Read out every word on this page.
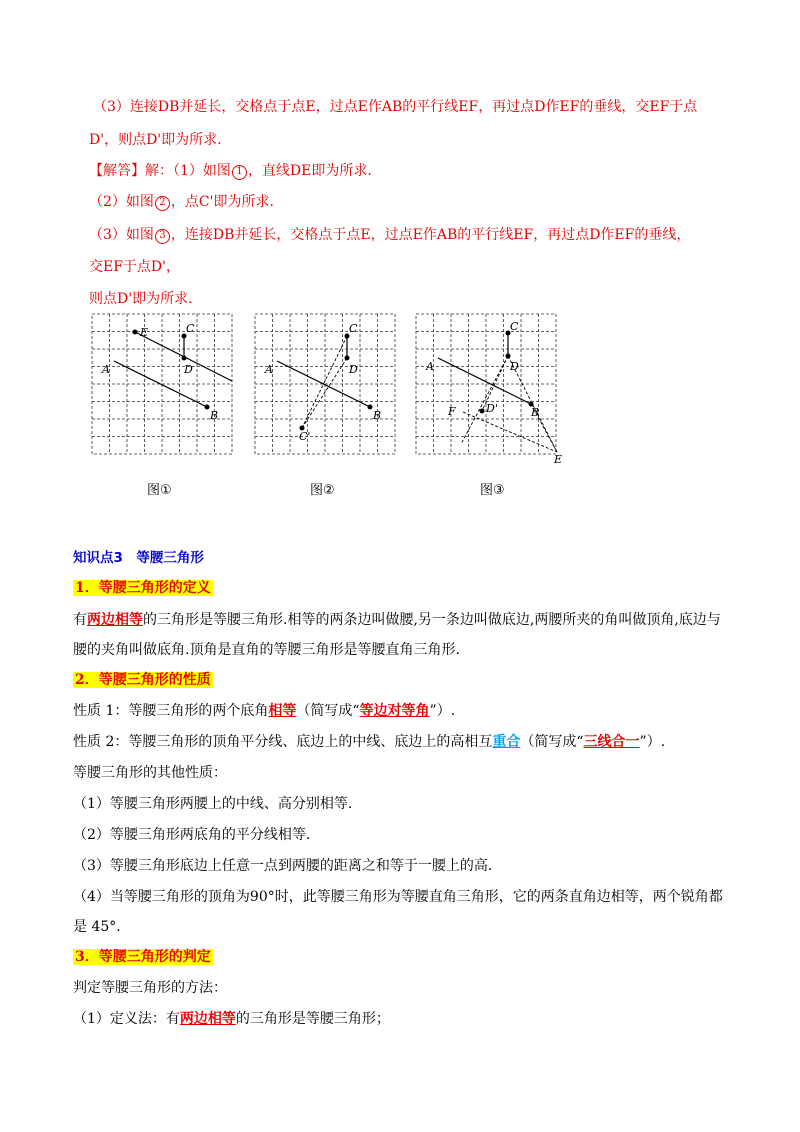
（3）连接DB并延长，交格点于点E，过点E作AB的平行线EF，再过点D作EF的垂线，交EF于点
D'，则点D'即为所求.
【解答】解：（1）如图 1 ，直线DE即为所求.
（2）如图 2 ，点C'即为所求.
（3）如图 3 ，连接DB并延长，交格点于点E，过点E作AB的平行线EF，再过点D作EF的垂线，
交EF于点D'，
则点D'即为所求.
E	C
A	D
B
C
A	D
B
C'
C
A	D
F	D'	B
E
图①	图②	图③
知识点3　等腰三角形
1．等腰三角形的定义
有两边相等的三角形是等腰三角形.相等的两条边叫做腰,另一条边叫做底边,两腰所夹的角叫做顶角,底边与
腰的夹角叫做底角.顶角是直角的等腰三角形是等腰直角三角形.
2．等腰三角形的性质
性质 1：等腰三角形的两个底角相等（简写成“等边对等角”）.
性质 2：等腰三角形的顶角平分线、底边上的中线、底边上的高相互重合（简写成“三线合一”）.
等腰三角形的其他性质：
（1）等腰三角形两腰上的中线、高分别相等.
（2）等腰三角形两底角的平分线相等.
（3）等腰三角形底边上任意一点到两腰的距离之和等于一腰上的高.
（4）当等腰三角形的顶角为90°时，此等腰三角形为等腰直角三角形，它的两条直角边相等，两个锐角都
是 45°.
3．等腰三角形的判定
判定等腰三角形的方法：
（1）定义法：有两边相等的三角形是等腰三角形；
